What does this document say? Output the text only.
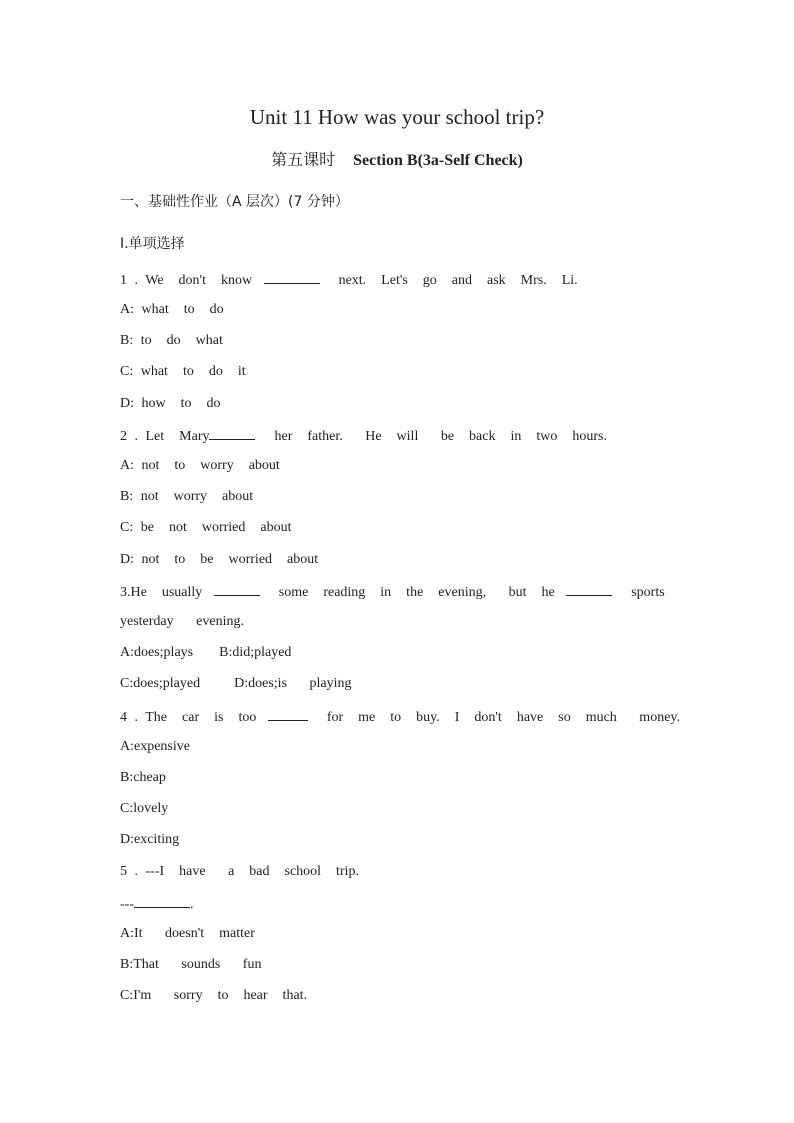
Unit 11 How was your school trip?
第五课时 Section B(3a-Self Check)
一、基础性作业（A 层次）(7 分钟）
Ⅰ.单项选择
1 . We  don't  know	next.  Let's  go  and  ask  Mrs.  Li.
A: what  to  do
B: to  do  what
C: what  to  do  it
D: how  to  do
2 . Let  Mary	her  father.   He  will   be  back  in  two  hours.
A: not  to  worry  about
B: not  worry  about
C: be  not  worried  about
D: not  to  be  worried  about
3.He  usually	some  reading  in  the  evening,   but  he	sports
yesterday   evening.
A:does;plays B:did;played
C:does;played D:does;is   playing
4 . The  car  is  too	for  me  to  buy.  I  don't  have  so  much   money.
A:expensive
B:cheap
C:lovely
D:exciting
5 . ---I  have   a  bad  school  trip.
---	.
A:It   doesn't  matter
B:That   sounds   fun
C:I'm   sorry  to  hear  that.
